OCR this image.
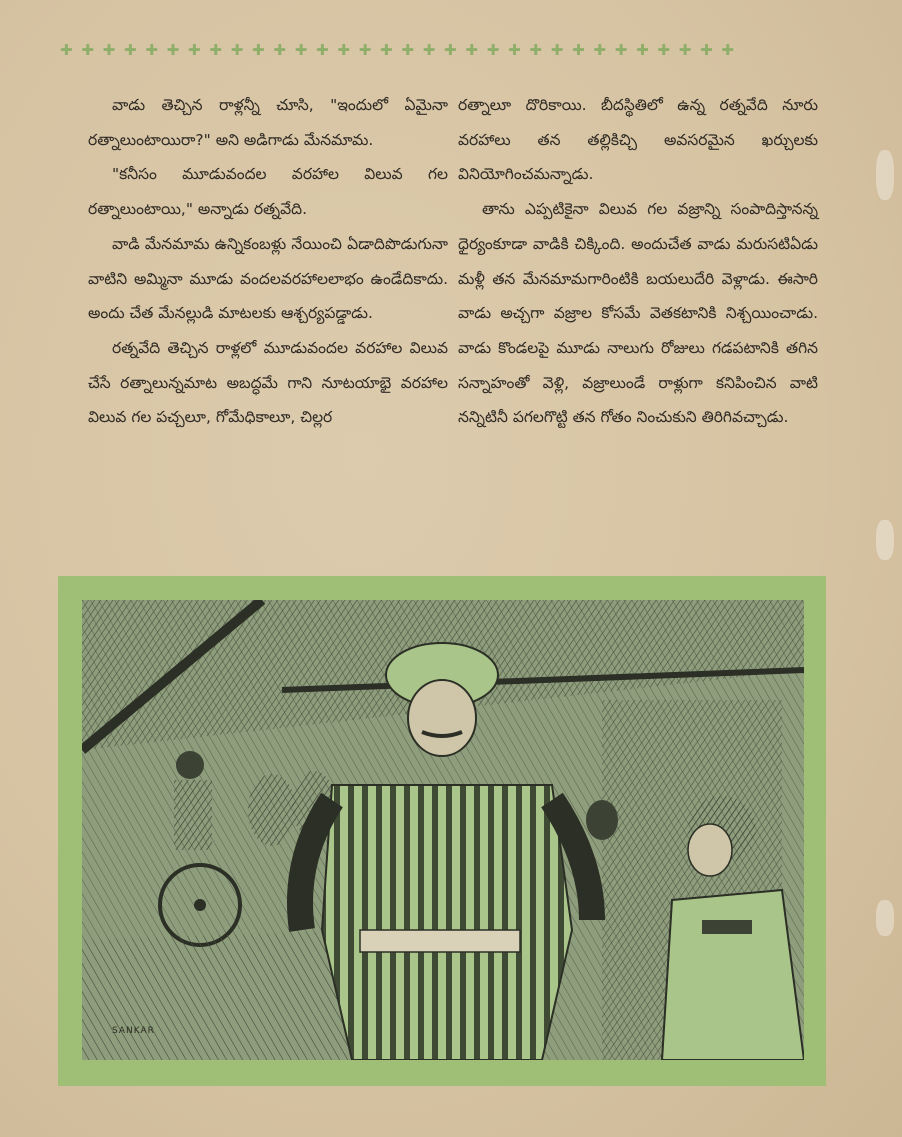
✚ ✚ ✚ ✚ ✚ ✚ ✚ ✚ ✚ ✚ ✚ ✚ ✚ ✚ ✚ ✚ ✚ ✚ ✚ ✚ ✚ ✚ ✚ ✚ ✚ ✚ ✚ ✚ ✚ ✚ ✚ ✚

వాడు తెచ్చిన రాళ్లన్నీ చూసి, "ఇందులో ఏమైనా రత్నాలుంటాయిరా?" అని అడిగాడు మేనమామ.

"కనీసం మూడువందల వరహాల విలువ గల రత్నాలుంటాయి," అన్నాడు రత్నవేది.

వాడి మేనమామ ఉన్నికంబళ్లు నేయించి ఏడాదిపొడుగునా వాటిని అమ్మినా మూడు వందలవరహాలలాభం ఉండేదికాదు. అందు చేత మేనల్లుడి మాటలకు ఆశ్చర్యపడ్డాడు.

రత్నవేది తెచ్చిన రాళ్లలో మూడువందల వరహాల విలువ చేసే రత్నాలున్నమాట అబద్ధమే గాని నూటయాభై వరహాల విలువ గల పచ్చలూ, గోమేధికాలూ, చిల్లర

రత్నాలూ దొరికాయి. బీదస్థితిలో ఉన్న రత్నవేది నూరు వరహాలు తన తల్లికిచ్చి అవసరమైన ఖర్చులకు వినియోగించమన్నాడు.

తాను ఎప్పటికైనా విలువ గల వజ్రాన్ని సంపాదిస్తానన్న ధైర్యంకూడా వాడికి చిక్కింది. అందుచేత వాడు మరుసటిఏడు మళ్లీ తన మేనమామగారింటికి బయలుదేరి వెళ్లాడు. ఈసారి వాడు అచ్చగా వజ్రాల కోసమే వెతకటానికి నిశ్చయించాడు. వాడు కొండలపై మూడు నాలుగు రోజులు గడపటానికి తగిన సన్నాహంతో వెళ్లి, వజ్రాలుండే రాళ్లుగా కనిపించిన వాటి నన్నిటినీ పగలగొట్టి తన గోతం నించుకుని తిరిగివచ్చాడు.

SANKAR
